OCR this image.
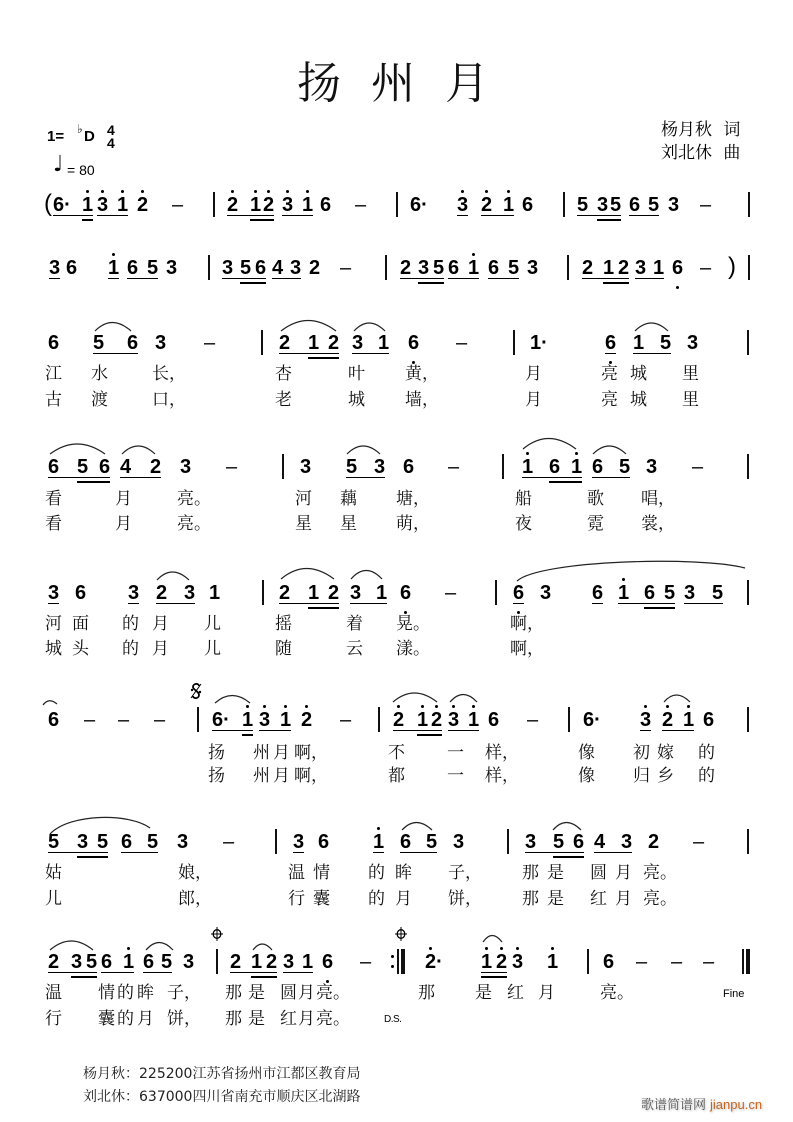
扬州月
1= ♭ D 4
4
♩ = 80
杨月秋 词
刘北休 曲
( 6· 1 3 1 2 – 2 1 2 3 1 6 – 6· 3 2 1 6 5 3 5 6 5 3 –
3 6 1 6 5 3 3 5 6 4 3 2 – 2 3 5 6 1 6 5 3 2 1 2 3 1 6 – )
6 5	6 3 –	2 1 2 3 1 6 –	1·	6 1 5 3
江 水	长，	杏	叶 黄，	月	亮 城 里
古 渡	口，	老	城 墙，	月	亮 城 里
6 5 6 4 2 3 –	3 5 3 6 –	1 6 1 6 5 3 –
看	月	亮。	河 藕 塘，	船	歌 唱，
看	月	亮。	星 星 萌，	夜	霓 裳，
3 6 3 2 3 1	2 1 2 3 1 6 –	6 3 6 1 6 5 3 5
河 面 的 月 儿	摇	着 晃。	啊，
城 头 的 月 儿	随	云 漾。	啊，
6 – – – 6· 1 3 1 2 – 2 1 2 3 1 6 – 6· 3 2 1 6
扬 州 月 啊，	不 一 样，	像 初 嫁 的
扬 州 月 啊，	都 一 样，	像 归 乡 的
5 3 5 6 5 3 –	3 6 1 6 5 3	3 5 6 4 3 2 –
姑	娘，	温 情 的 眸 子， 那 是 圆 月 亮。
儿	郎，	行 囊 的 月 饼， 那 是 红 月 亮。
2 3 5 6 1 6 5 3 2 1 2 3 1 6 –	2· 1 2 3 1 6 – – –
温 情 的 眸 子， 那 是 圆 月 亮。	那 是 红 月	亮。
行 囊 的 月 饼， 那 是 红 月 亮。	D.S.
Fine
杨月秋：225200江苏省扬州市江都区教育局
刘北休：637000四川省南充市顺庆区北湖路
歌谱简谱网 jianpu.cn
